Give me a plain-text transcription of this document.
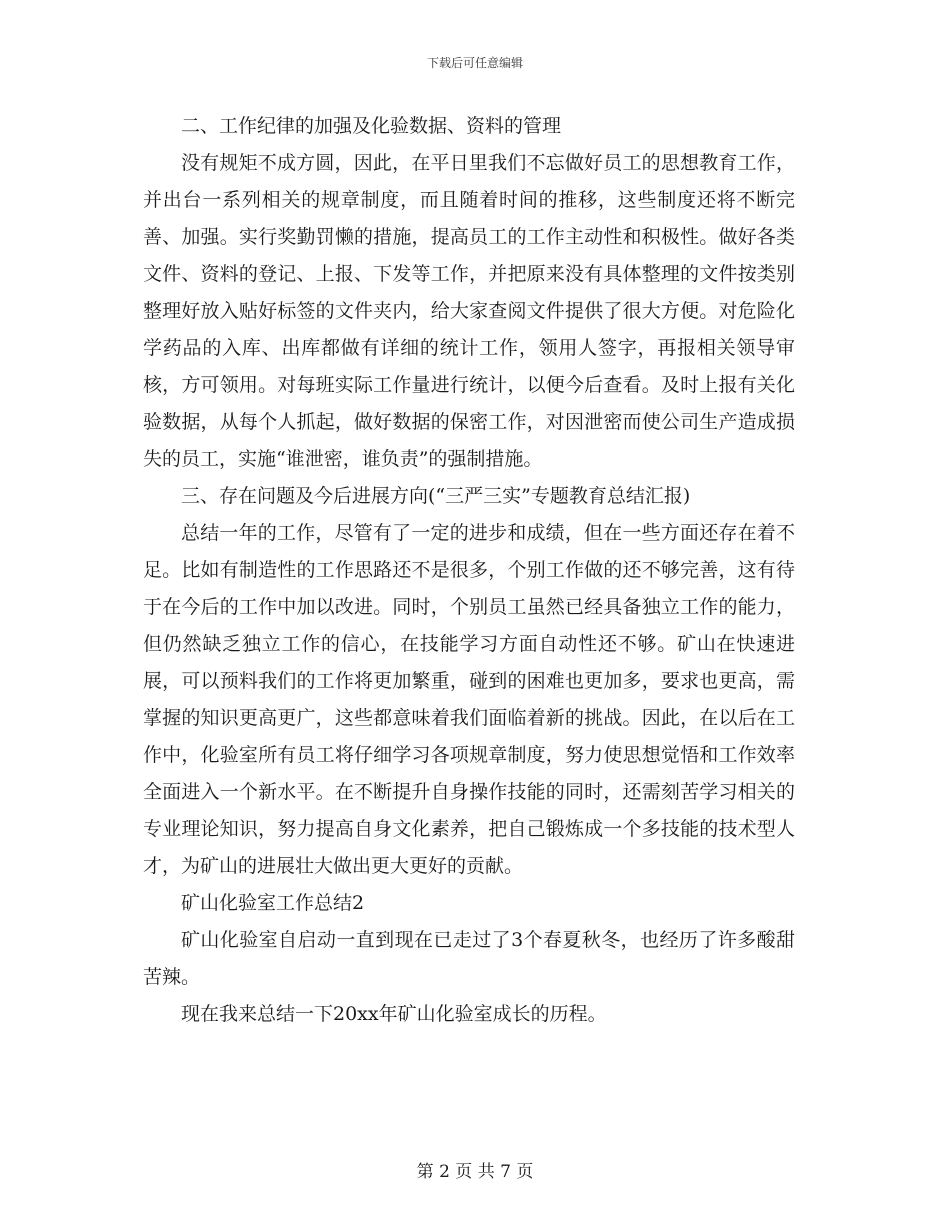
下载后可任意编辑

二、工作纪律的加强及化验数据、资料的管理

没有规矩不成方圆，因此，在平日里我们不忘做好员工的思想教育工作，并出台一系列相关的规章制度，而且随着时间的推移，这些制度还将不断完善、加强。实行奖勤罚懒的措施，提高员工的工作主动性和积极性。做好各类文件、资料的登记、上报、下发等工作，并把原来没有具体整理的文件按类别整理好放入贴好标签的文件夹内，给大家查阅文件提供了很大方便。对危险化学药品的入库、出库都做有详细的统计工作，领用人签字，再报相关领导审核，方可领用。对每班实际工作量进行统计，以便今后查看。及时上报有关化验数据，从每个人抓起，做好数据的保密工作，对因泄密而使公司生产造成损失的员工，实施“谁泄密，谁负责”的强制措施。

三、存在问题及今后进展方向(“三严三实”专题教育总结汇报)

总结一年的工作，尽管有了一定的进步和成绩，但在一些方面还存在着不足。比如有制造性的工作思路还不是很多，个别工作做的还不够完善，这有待于在今后的工作中加以改进。同时，个别员工虽然已经具备独立工作的能力，但仍然缺乏独立工作的信心，在技能学习方面自动性还不够。矿山在快速进展，可以预料我们的工作将更加繁重，碰到的困难也更加多，要求也更高，需掌握的知识更高更广，这些都意味着我们面临着新的挑战。因此，在以后在工作中，化验室所有员工将仔细学习各项规章制度，努力使思想觉悟和工作效率全面进入一个新水平。在不断提升自身操作技能的同时，还需刻苦学习相关的专业理论知识，努力提高自身文化素养，把自己锻炼成一个多技能的技术型人才，为矿山的进展壮大做出更大更好的贡献。

矿山化验室工作总结2

矿山化验室自启动一直到现在已走过了3个春夏秋冬，也经历了许多酸甜苦辣。

现在我来总结一下20xx年矿山化验室成长的历程。

第 2 页 共 7 页
